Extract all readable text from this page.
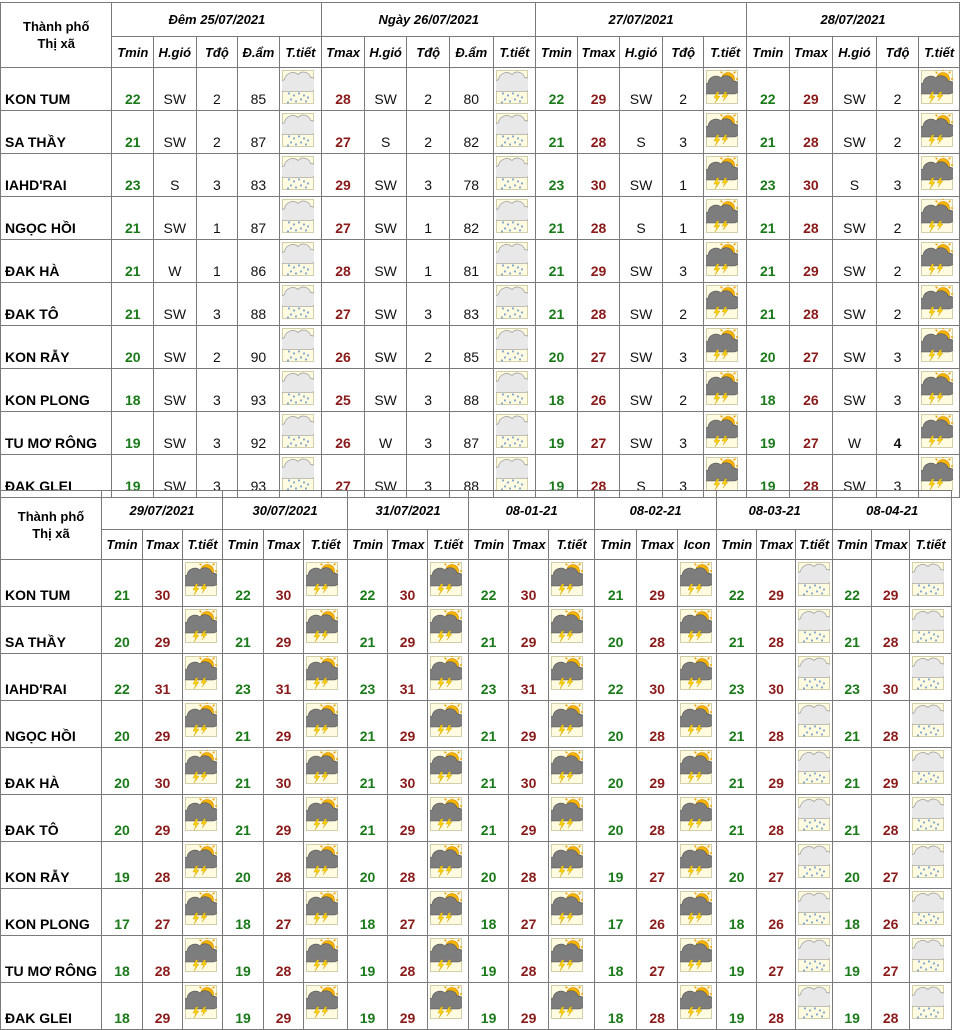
Thành phố
Thị xã	Đêm 25/07/2021					Ngày 26/07/2021					27/07/2021					28/07/2021				
	Tmin	H.gió	Tđộ	Đ.ẩm	T.tiết	Tmax	H.gió	Tđộ	Đ.ẩm	T.tiết	Tmin	Tmax	H.gió	Tđộ	T.tiết	Tmin	Tmax	H.gió	Tđộ	T.tiết
KON TUM	22	SW	2	85		28	SW	2	80		22	29	SW	2		22	29	SW	2	

SA THẦY	21	SW	2	87		27	S	2	82		21	28	S	3		21	28	SW	2	

IAHD'RAI	23	S	3	83		29	SW	3	78		23	30	SW	1		23	30	S	3	

NGỌC HỒI	21	SW	1	87		27	SW	1	82		21	28	S	1		21	28	SW	2	

ĐAK HÀ	21	W	1	86		28	SW	1	81		21	29	SW	3		21	29	SW	2	

ĐAK TÔ	21	SW	3	88		27	SW	3	83		21	28	SW	2		21	28	SW	2	

KON RẪY	20	SW	2	90		26	SW	2	85		20	27	SW	3		20	27	SW	3	

KON PLONG	18	SW	3	93		25	SW	3	88		18	26	SW	2		18	26	SW	3	

TU MƠ RÔNG	19	SW	3	92		26	W	3	87		19	27	SW	3		19	27	W	4	

ĐAK GLEI	19	SW	3	93		27	SW	3	88		19	28	S	3		19	28	SW	3	
Thành phố
Thị xã	29/07/2021			30/07/2021			31/07/2021			08-01-21			08-02-21			08-03-21			08-04-21		
	Tmin	Tmax	T.tiết	Tmin	Tmax	T.tiết	Tmin	Tmax	T.tiết	Tmin	Tmax	T.tiết	Tmin	Tmax	Icon	Tmin	Tmax	T.tiết	Tmin	Tmax	T.tiết
KON TUM	21	30		22	30		22	30		22	30		21	29		22	29		22	29	

SA THẦY	20	29		21	29		21	29		21	29		20	28		21	28		21	28	

IAHD'RAI	22	31		23	31		23	31		23	31		22	30		23	30		23	30	

NGỌC HỒI	20	29		21	29		21	29		21	29		20	28		21	28		21	28	

ĐAK HÀ	20	30		21	30		21	30		21	30		20	29		21	29		21	29	

ĐAK TÔ	20	29		21	29		21	29		21	29		20	28		21	28		21	28	

KON RẪY	19	28		20	28		20	28		20	28		19	27		20	27		20	27	

KON PLONG	17	27		18	27		18	27		18	27		17	26		18	26		18	26	

TU MƠ RÔNG	18	28		19	28		19	28		19	28		18	27		19	27		19	27	

ĐAK GLEI	18	29		19	29		19	29		19	29		18	28		19	28		19	28	
